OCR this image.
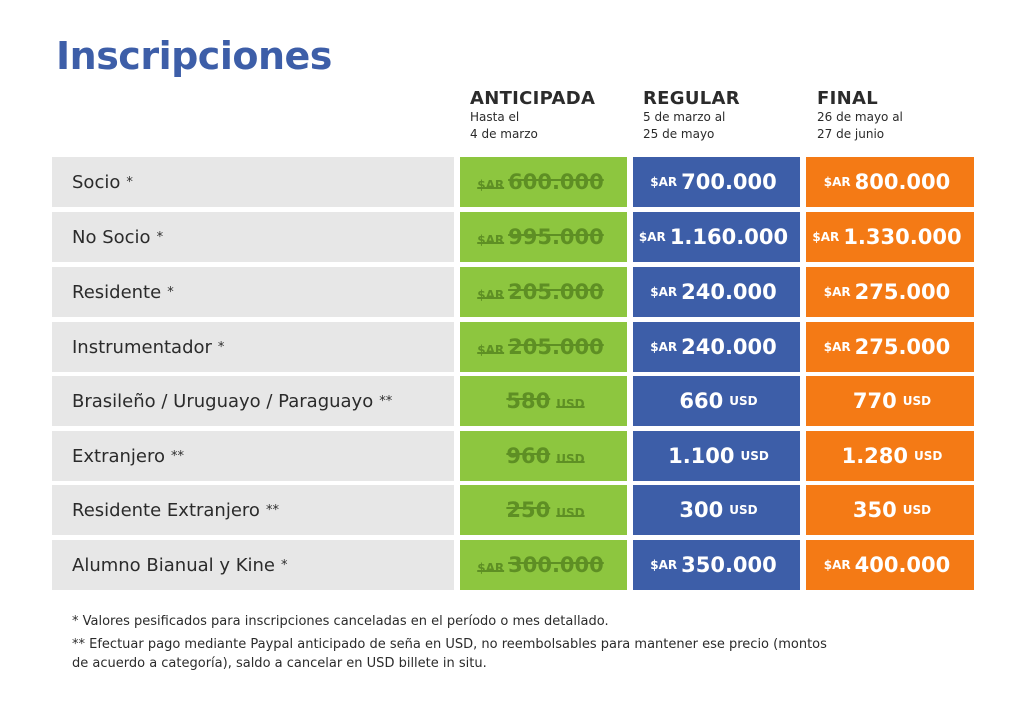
Inscripciones
ANTICIPADA
Hasta el
4 de marzo
REGULAR
5 de marzo al
25 de mayo
FINAL
26 de mayo al
27 de junio
Socio *	$AR 600.000	$AR 700.000	$AR 800.000
No Socio *	$AR 995.000	$AR 1.160.000 $AR 1.330.000
Residente *	$AR 205.000	$AR 240.000	$AR 275.000
Instrumentador *	$AR 205.000	$AR 240.000	$AR 275.000
Brasileño / Uruguayo / Paraguayo **	580 USD	660 USD	770 USD
Extranjero **	960 USD	1.100 USD	1.280 USD
Residente Extranjero **	250 USD	300 USD	350 USD
Alumno Bianual y Kine *	$AR 300.000	$AR 350.000	$AR 400.000

* Valores pesificados para inscripciones canceladas en el período o mes detallado.

** Efectuar pago mediante Paypal anticipado de seña en USD, no reembolsables para mantener ese precio (montos de acuerdo a categoría), saldo a cancelar en USD billete in situ.
